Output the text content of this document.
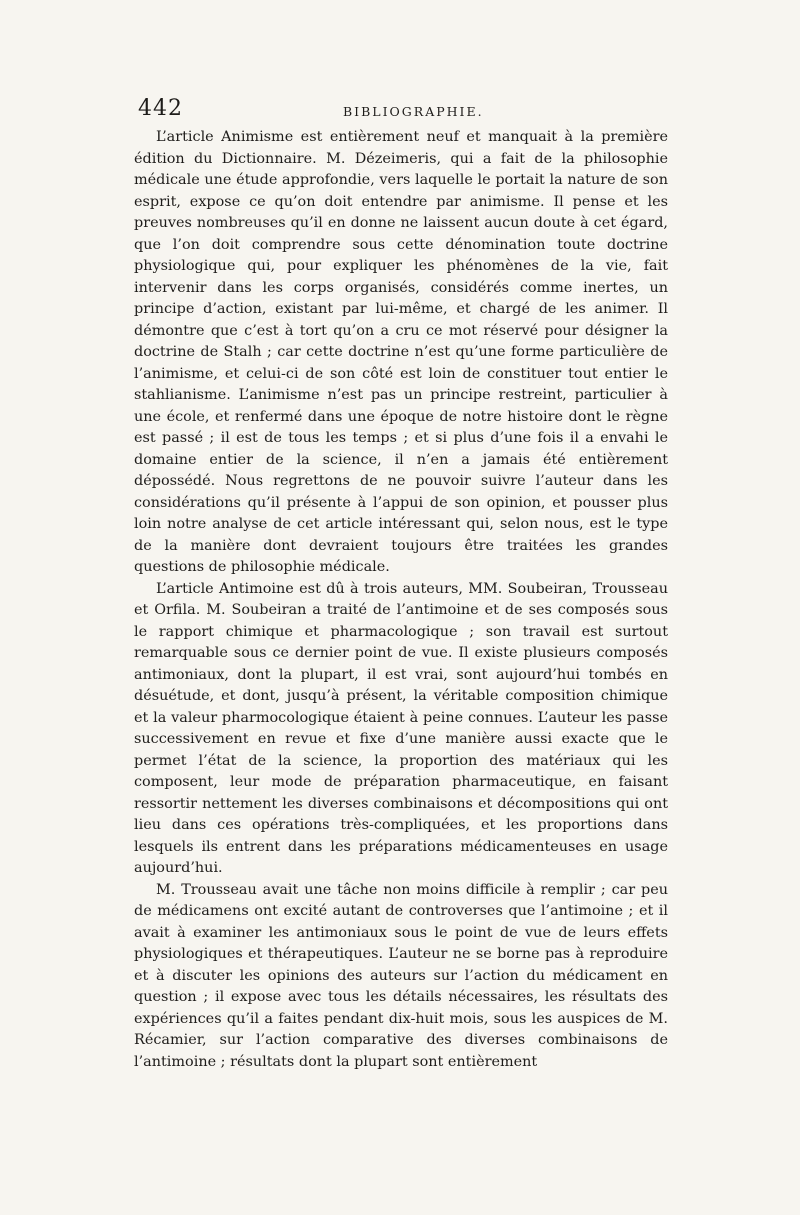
442	BIBLIOGRAPHIE.

L’article Animisme est entièrement neuf et manquait à la première édition du Dictionnaire. M. Dézeimeris, qui a fait de la philosophie médicale une étude approfondie, vers laquelle le portait la nature de son esprit, expose ce qu’on doit entendre par animisme. Il pense et les preuves nombreuses qu’il en donne ne laissent aucun doute à cet égard, que l’on doit comprendre sous cette dénomination toute doctrine physiologique qui, pour expliquer les phénomènes de la vie, fait intervenir dans les corps organisés, considérés comme inertes, un principe d’action, existant par lui-même, et chargé de les animer. Il démontre que c’est à tort qu’on a cru ce mot réservé pour désigner la doctrine de Stalh ; car cette doctrine n’est qu’une forme particulière de l’animisme, et celui-ci de son côté est loin de constituer tout entier le stahlianisme. L’animisme n’est pas un principe restreint, particulier à une école, et renfermé dans une époque de notre histoire dont le règne est passé ; il est de tous les temps ; et si plus d’une fois il a envahi le domaine entier de la science, il n’en a jamais été entièrement dépossédé. Nous regrettons de ne pouvoir suivre l’auteur dans les considérations qu’il présente à l’appui de son opinion, et pousser plus loin notre analyse de cet article intéressant qui, selon nous, est le type de la manière dont devraient toujours être traitées les grandes questions de philosophie médicale.

L’article Antimoine est dû à trois auteurs, MM. Soubeiran, Trousseau et Orfila. M. Soubeiran a traité de l’antimoine et de ses composés sous le rapport chimique et pharmacologique ; son travail est surtout remarquable sous ce dernier point de vue. Il existe plusieurs composés antimoniaux, dont la plupart, il est vrai, sont aujourd’hui tombés en désuétude, et dont, jusqu’à présent, la véritable composition chimique et la valeur pharmocologique étaient à peine connues. L’auteur les passe successivement en revue et fixe d’une manière aussi exacte que le permet l’état de la science, la proportion des matériaux qui les composent, leur mode de préparation pharmaceutique, en faisant ressortir nettement les diverses combinaisons et décompositions qui ont lieu dans ces opérations très-compliquées, et les proportions dans lesquels ils entrent dans les préparations médicamenteuses en usage aujourd’hui.

M. Trousseau avait une tâche non moins difficile à remplir ; car peu de médicamens ont excité autant de controverses que l’antimoine ; et il avait à examiner les antimoniaux sous le point de vue de leurs effets physiologiques et thérapeutiques. L’auteur ne se borne pas à reproduire et à discuter les opinions des auteurs sur l’action du médicament en question ; il expose avec tous les détails nécessaires, les résultats des expériences qu’il a faites pendant dix-huit mois, sous les auspices de M. Récamier, sur l’action comparative des diverses combinaisons de l’antimoine ; résultats dont la plupart sont entièrement
